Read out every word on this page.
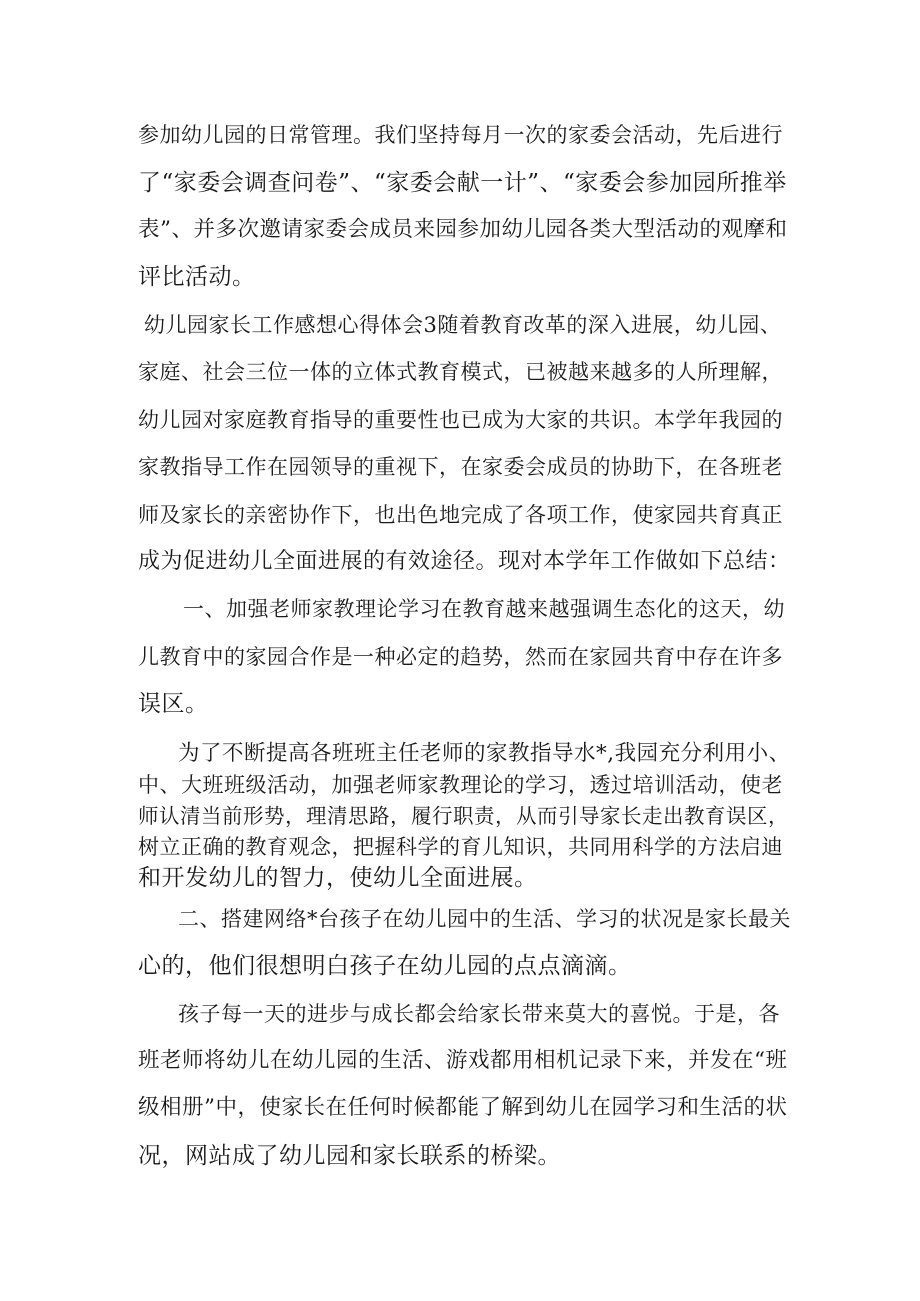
参加幼儿园的日常管理。我们坚持每月一次的家委会活动，先后进行
了“家委会调查问卷”、“家委会献一计”、“家委会参加园所推举
表”、并多次邀请家委会成员来园参加幼儿园各类大型活动的观摩和
评比活动。
幼儿园家长工作感想心得体会3随着教育改革的深入进展，幼儿园、
家庭、社会三位一体的立体式教育模式，已被越来越多的人所理解，
幼儿园对家庭教育指导的重要性也已成为大家的共识。本学年我园的
家教指导工作在园领导的重视下，在家委会成员的协助下，在各班老
师及家长的亲密协作下，也出色地完成了各项工作，使家园共育真正
成为促进幼儿全面进展的有效途径。现对本学年工作做如下总结：
一、加强老师家教理论学习在教育越来越强调生态化的这天，幼
儿教育中的家园合作是一种必定的趋势，然而在家园共育中存在许多
误区。
为了不断提高各班班主任老师的家教指导水*,我园充分利用小、
中、大班班级活动，加强老师家教理论的学习，透过培训活动，使老
师认清当前形势，理清思路，履行职责，从而引导家长走出教育误区，
树立正确的教育观念，把握科学的育儿知识，共同用科学的方法启迪
和开发幼儿的智力，使幼儿全面进展。
二、搭建网络*台孩子在幼儿园中的生活、学习的状况是家长最关
心的，他们很想明白孩子在幼儿园的点点滴滴。
孩子每一天的进步与成长都会给家长带来莫大的喜悦。于是，各
班老师将幼儿在幼儿园的生活、游戏都用相机记录下来，并发在“班
级相册”中，使家长在任何时候都能了解到幼儿在园学习和生活的状
况，网站成了幼儿园和家长联系的桥梁。
